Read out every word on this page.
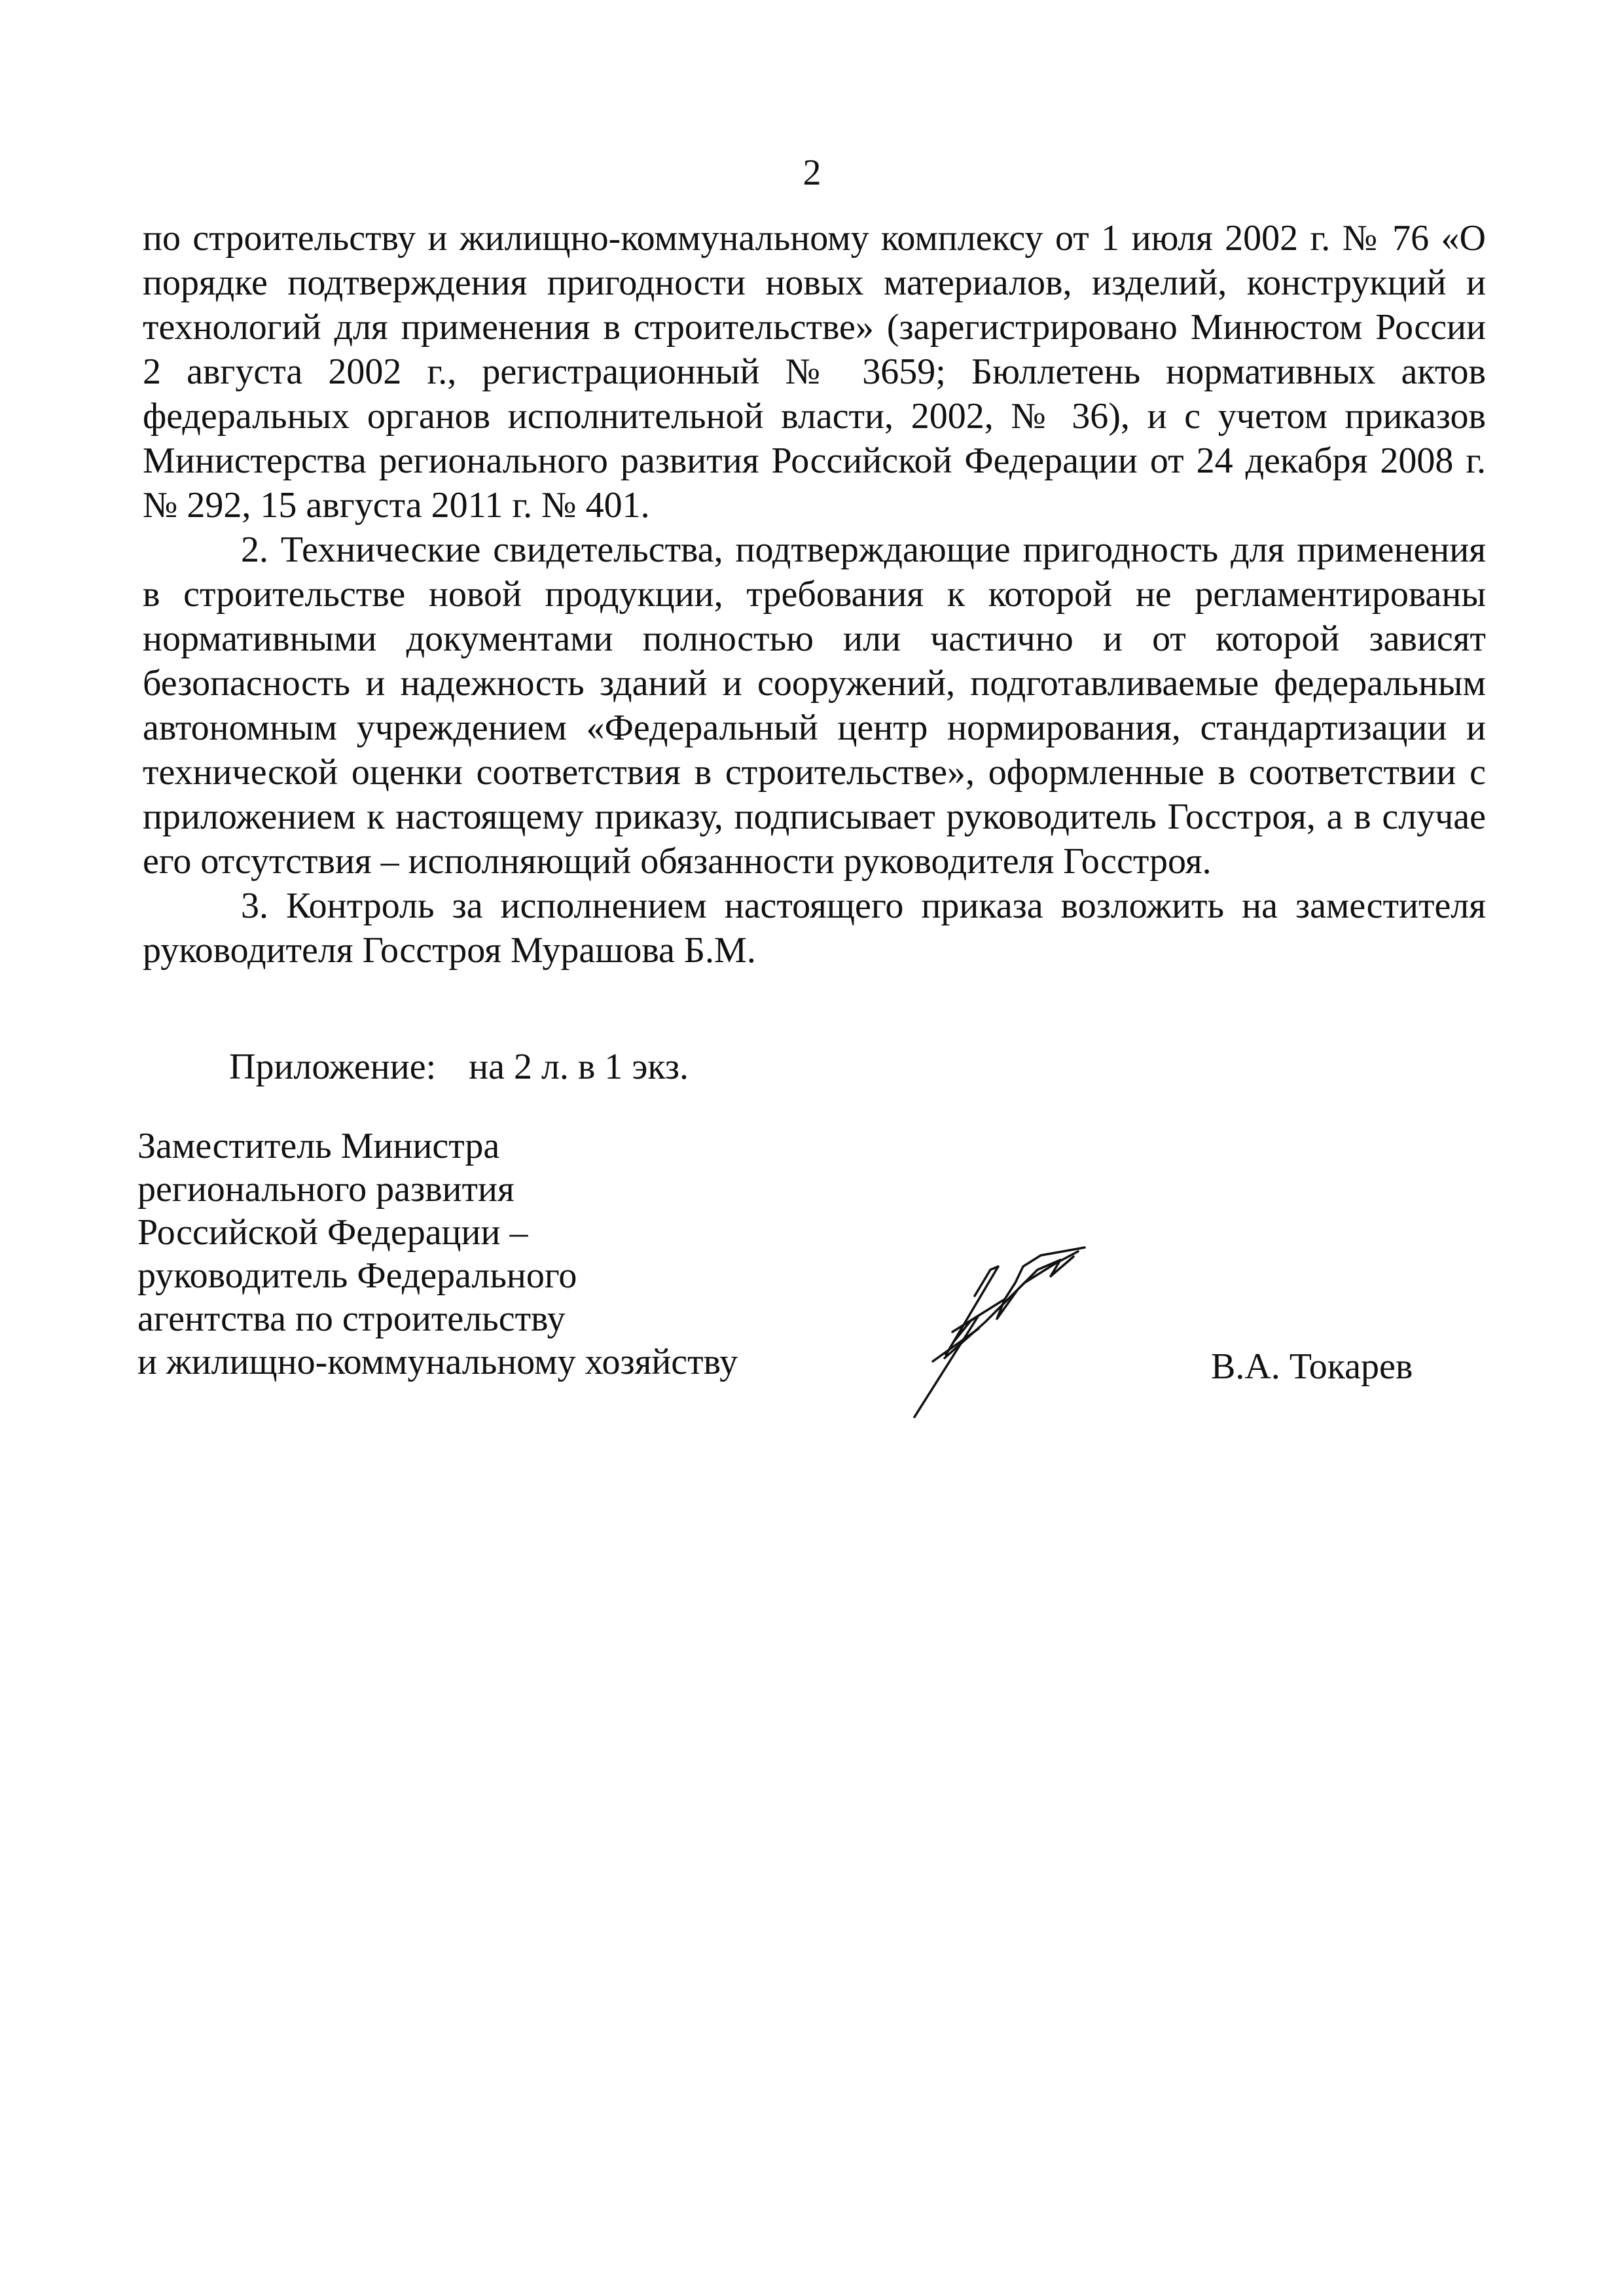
2

по строительству и жилищно-коммунальному комплексу от 1 июля 2002 г. № 76 «О порядке подтверждения пригодности новых материалов, изделий, конструкций и технологий для применения в строительстве» (зарегистрировано Минюстом России 2 августа 2002 г., регистрационный № 3659; Бюллетень нормативных актов федеральных органов исполнительной власти, 2002, № 36), и с учетом приказов Министерства регионального развития Российской Федерации от 24 декабря 2008 г. № 292, 15 августа 2011 г. № 401.

2. Технические свидетельства, подтверждающие пригодность для применения в строительстве новой продукции, требования к которой не регламентированы нормативными документами полностью или частично и от которой зависят безопасность и надежность зданий и сооружений, подготавливаемые федеральным автономным учреждением «Федеральный центр нормирования, стандартизации и технической оценки соответствия в строительстве», оформленные в соответствии с приложением к настоящему приказу, подписывает руководитель Госстроя, а в случае его отсутствия – исполняющий обязанности руководителя Госстроя.

3. Контроль за исполнением настоящего приказа возложить на заместителя руководителя Госстроя Мурашова Б.М.

Приложение: на 2 л. в 1 экз.
Заместитель Министра
регионального развития
Российской Федерации –
руководитель Федерального
агентства по строительству
и жилищно-коммунальному хозяйству	В.А. Токарев
